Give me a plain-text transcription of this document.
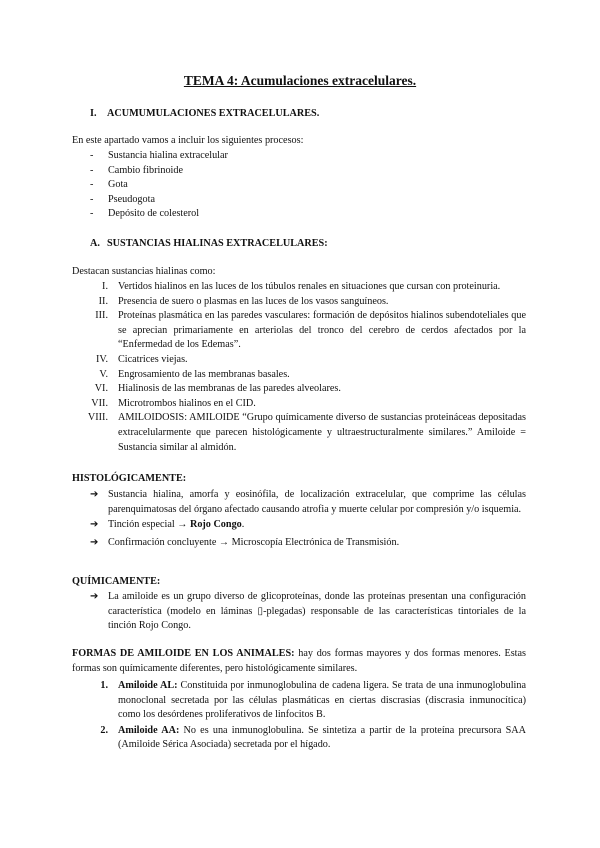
TEMA 4: Acumulaciones extracelulares.
I. ACUMUMULACIONES EXTRACELULARES.
En este apartado vamos a incluir los siguientes procesos:
- Sustancia hialina extracelular
- Cambio fibrinoide
- Gota
- Pseudogota
- Depósito de colesterol
A. SUSTANCIAS HIALINAS EXTRACELULARES:
Destacan sustancias hialinas como:
I. Vertidos hialinos en las luces de los túbulos renales en situaciones que cursan con proteinuria.
II. Presencia de suero o plasmas en las luces de los vasos sanguíneos.
III. Proteínas plasmática en las paredes vasculares: formación de depósitos hialinos subendoteliales que se aprecian primariamente en arteriolas del tronco del cerebro de cerdos afectados por la “Enfermedad de los Edemas”.
IV. Cicatrices viejas.
V. Engrosamiento de las membranas basales.
VI. Hialinosis de las membranas de las paredes alveolares.
VII. Microtrombos hialinos en el CID.
VIII. AMILOIDOSIS: AMILOIDE “Grupo químicamente diverso de sustancias proteináceas depositadas extracelularmente que parecen histológicamente y ultraestructuralmente similares.” Amiloide = Sustancia similar al almidón.
HISTOLÓGICAMENTE:
➔ Sustancia hialina, amorfa y eosinófila, de localización extracelular, que comprime las células parenquimatosas del órgano afectado causando atrofia y muerte celular por compresión y/o isquemia.
➔ Tinción especial → Rojo Congo.
➔ Confirmación concluyente → Microscopía Electrónica de Transmisión.
QUÍMICAMENTE:
➔ La amiloide es un grupo diverso de glicoproteínas, donde las proteínas presentan una configuración característica (modelo en láminas ▯-plegadas) responsable de las características tintoriales de la tinción Rojo Congo.
FORMAS DE AMILOIDE EN LOS ANIMALES: hay dos formas mayores y dos formas menores. Estas formas son químicamente diferentes, pero histológicamente similares.
1. Amiloide AL: Constituida por inmunoglobulina de cadena ligera. Se trata de una inmunoglobulina monoclonal secretada por las células plasmáticas en ciertas discrasias (discrasia inmunocítica) como los desórdenes proliferativos de linfocitos B.
2. Amiloide AA: No es una inmunoglobulina. Se sintetiza a partir de la proteína precursora SAA (Amiloide Sérica Asociada) secretada por el hígado.
